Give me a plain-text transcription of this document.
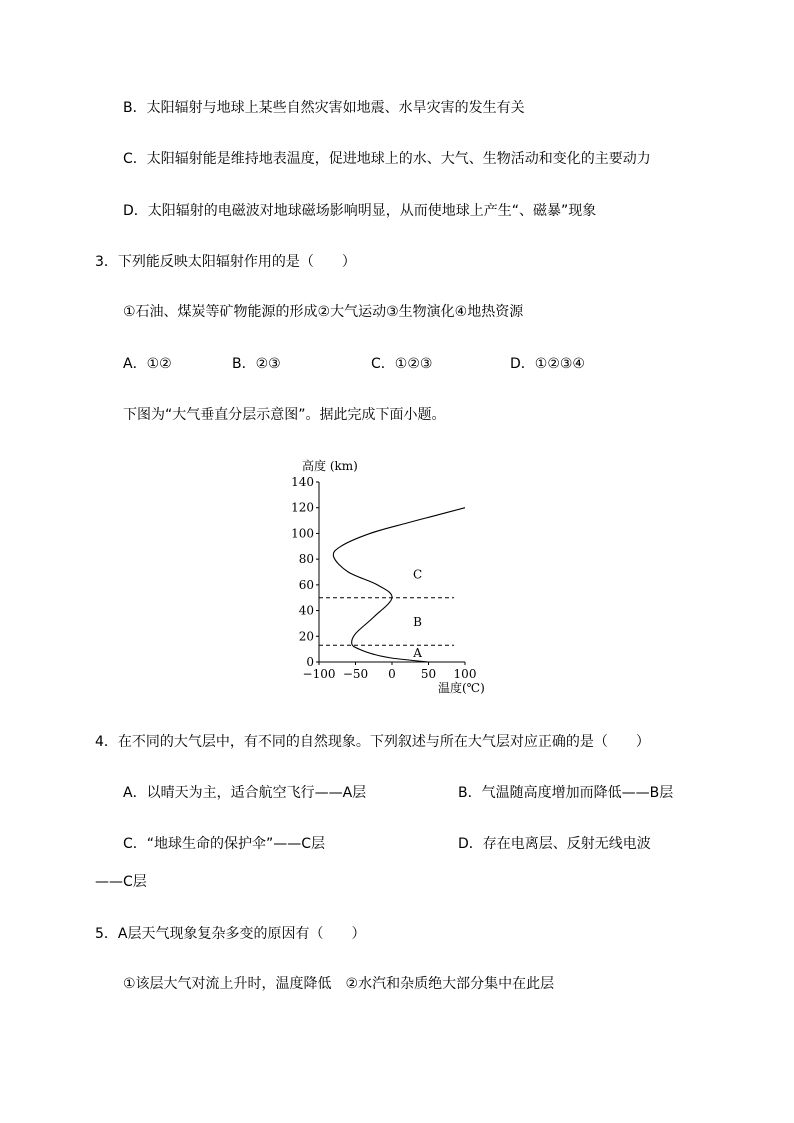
B．太阳辐射与地球上某些自然灾害如地震、水旱灾害的发生有关
C．太阳辐射能是维持地表温度，促进地球上的水、大气、生物活动和变化的主要动力
D．太阳辐射的电磁波对地球磁场影响明显，从而使地球上产生“、磁暴”现象
3．下列能反映太阳辐射作用的是（　　）
①石油、煤炭等矿物能源的形成②大气运动③生物演化④地热资源
A．①②	B．②③	C．①②③	D．①②③④
下图为“大气垂直分层示意图”。据此完成下面小题。
高度 (km)
温度(℃)
140
120
100
80
60
40
20
0
−100 −50 0 50 100
A
B
C
4．在不同的大气层中，有不同的自然现象。下列叙述与所在大气层对应正确的是（　　）
A．以晴天为主，适合航空飞行——A层	B．气温随高度增加而降低——B层
C．“地球生命的保护伞”——C层	D．存在电离层、反射无线电波
——C层
5．A层天气现象复杂多变的原因有（　　）
①该层大气对流上升时，温度降低　②水汽和杂质绝大部分集中在此层
